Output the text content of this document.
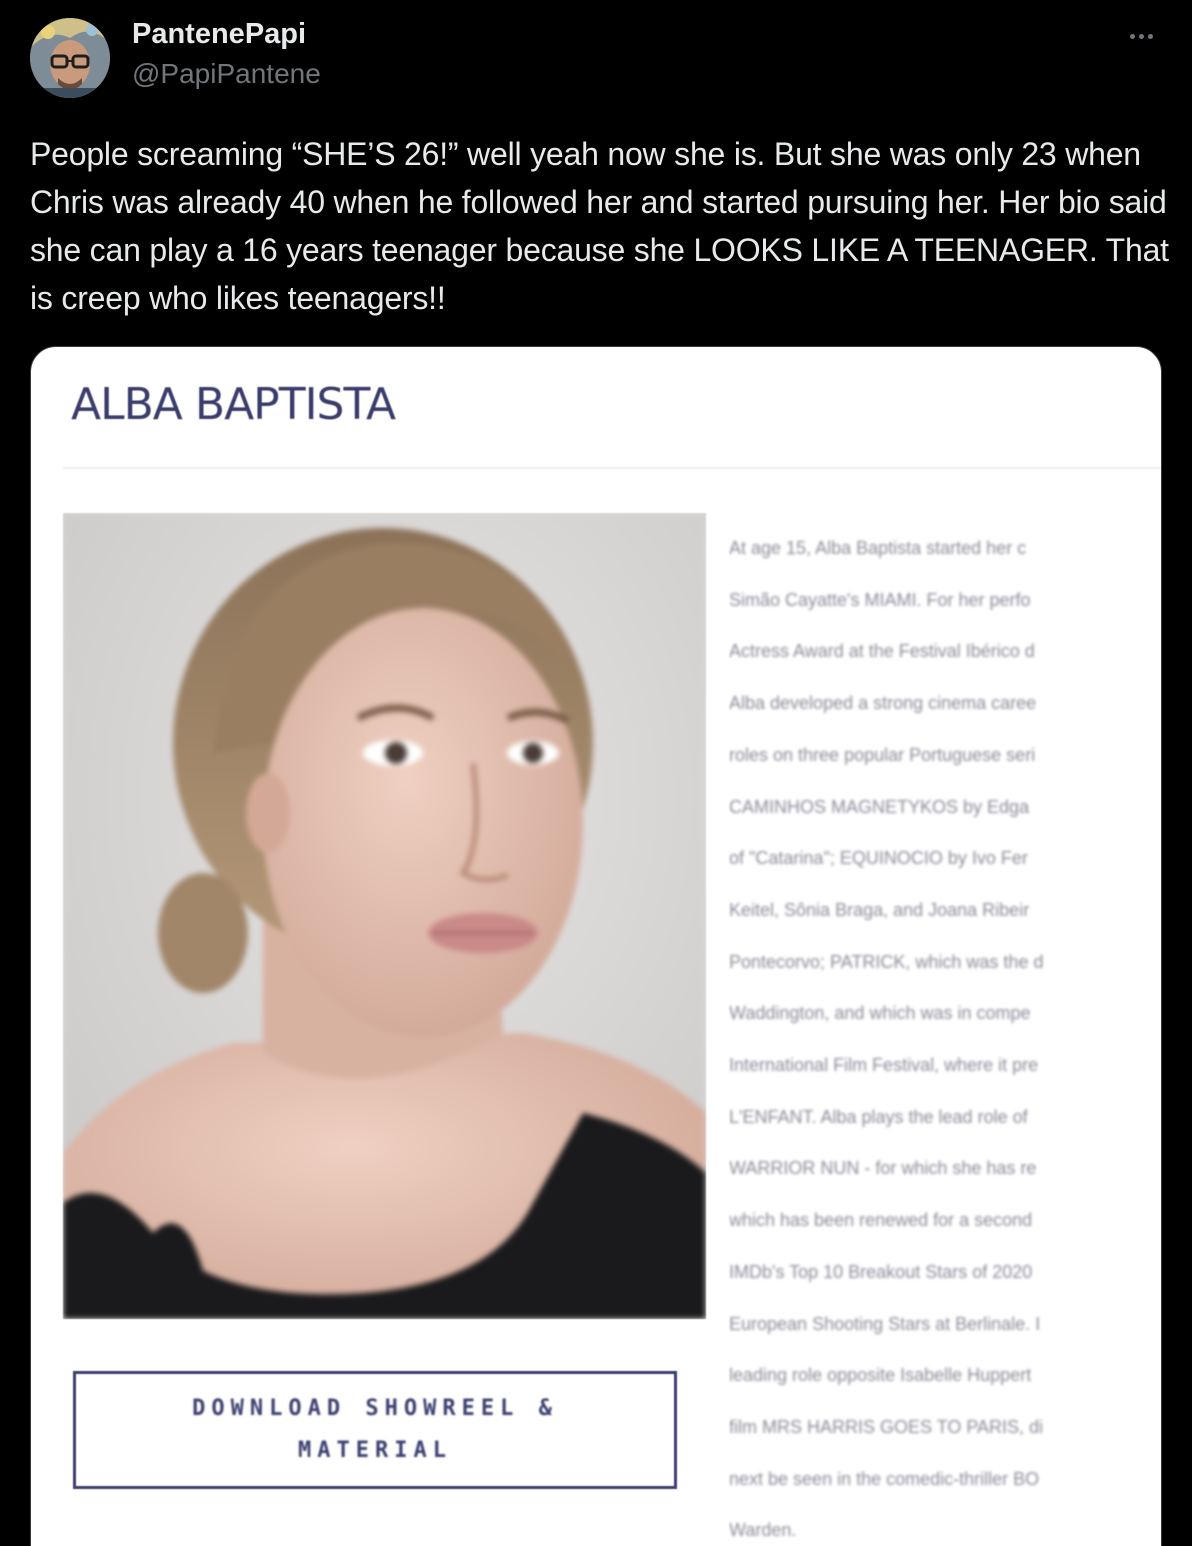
PantenePapi
@PapiPantene

People screaming “SHE’S 26!” well yeah now she is. But she was only 23 when Chris was already 40 when he followed her and started pursuing her. Her bio said she can play a 16 years teenager because she LOOKS LIKE A TEENAGER. That is creep who likes teenagers!!

ALBA BAPTISTA
DOWNLOAD SHOWREEL &
MATERIAL
At age 15, Alba Baptista started her c
Simão Cayatte's MIAMI. For her perfo
Actress Award at the Festival Ibérico d
Alba developed a strong cinema caree
roles on three popular Portuguese seri
CAMINHOS MAGNETYKOS by Edga
of "Catarina"; EQUINOCIO by Ivo Fer
Keitel, Sônia Braga, and Joana Ribeir
Pontecorvo; PATRICK, which was the d
Waddington, and which was in compe
International Film Festival, where it pre
L'ENFANT. Alba plays the lead role of
WARRIOR NUN - for which she has re
which has been renewed for a second
IMDb's Top 10 Breakout Stars of 2020
European Shooting Stars at Berlinale. I
leading role opposite Isabelle Huppert
film MRS HARRIS GOES TO PARIS, di
next be seen in the comedic-thriller BO
Warden.
